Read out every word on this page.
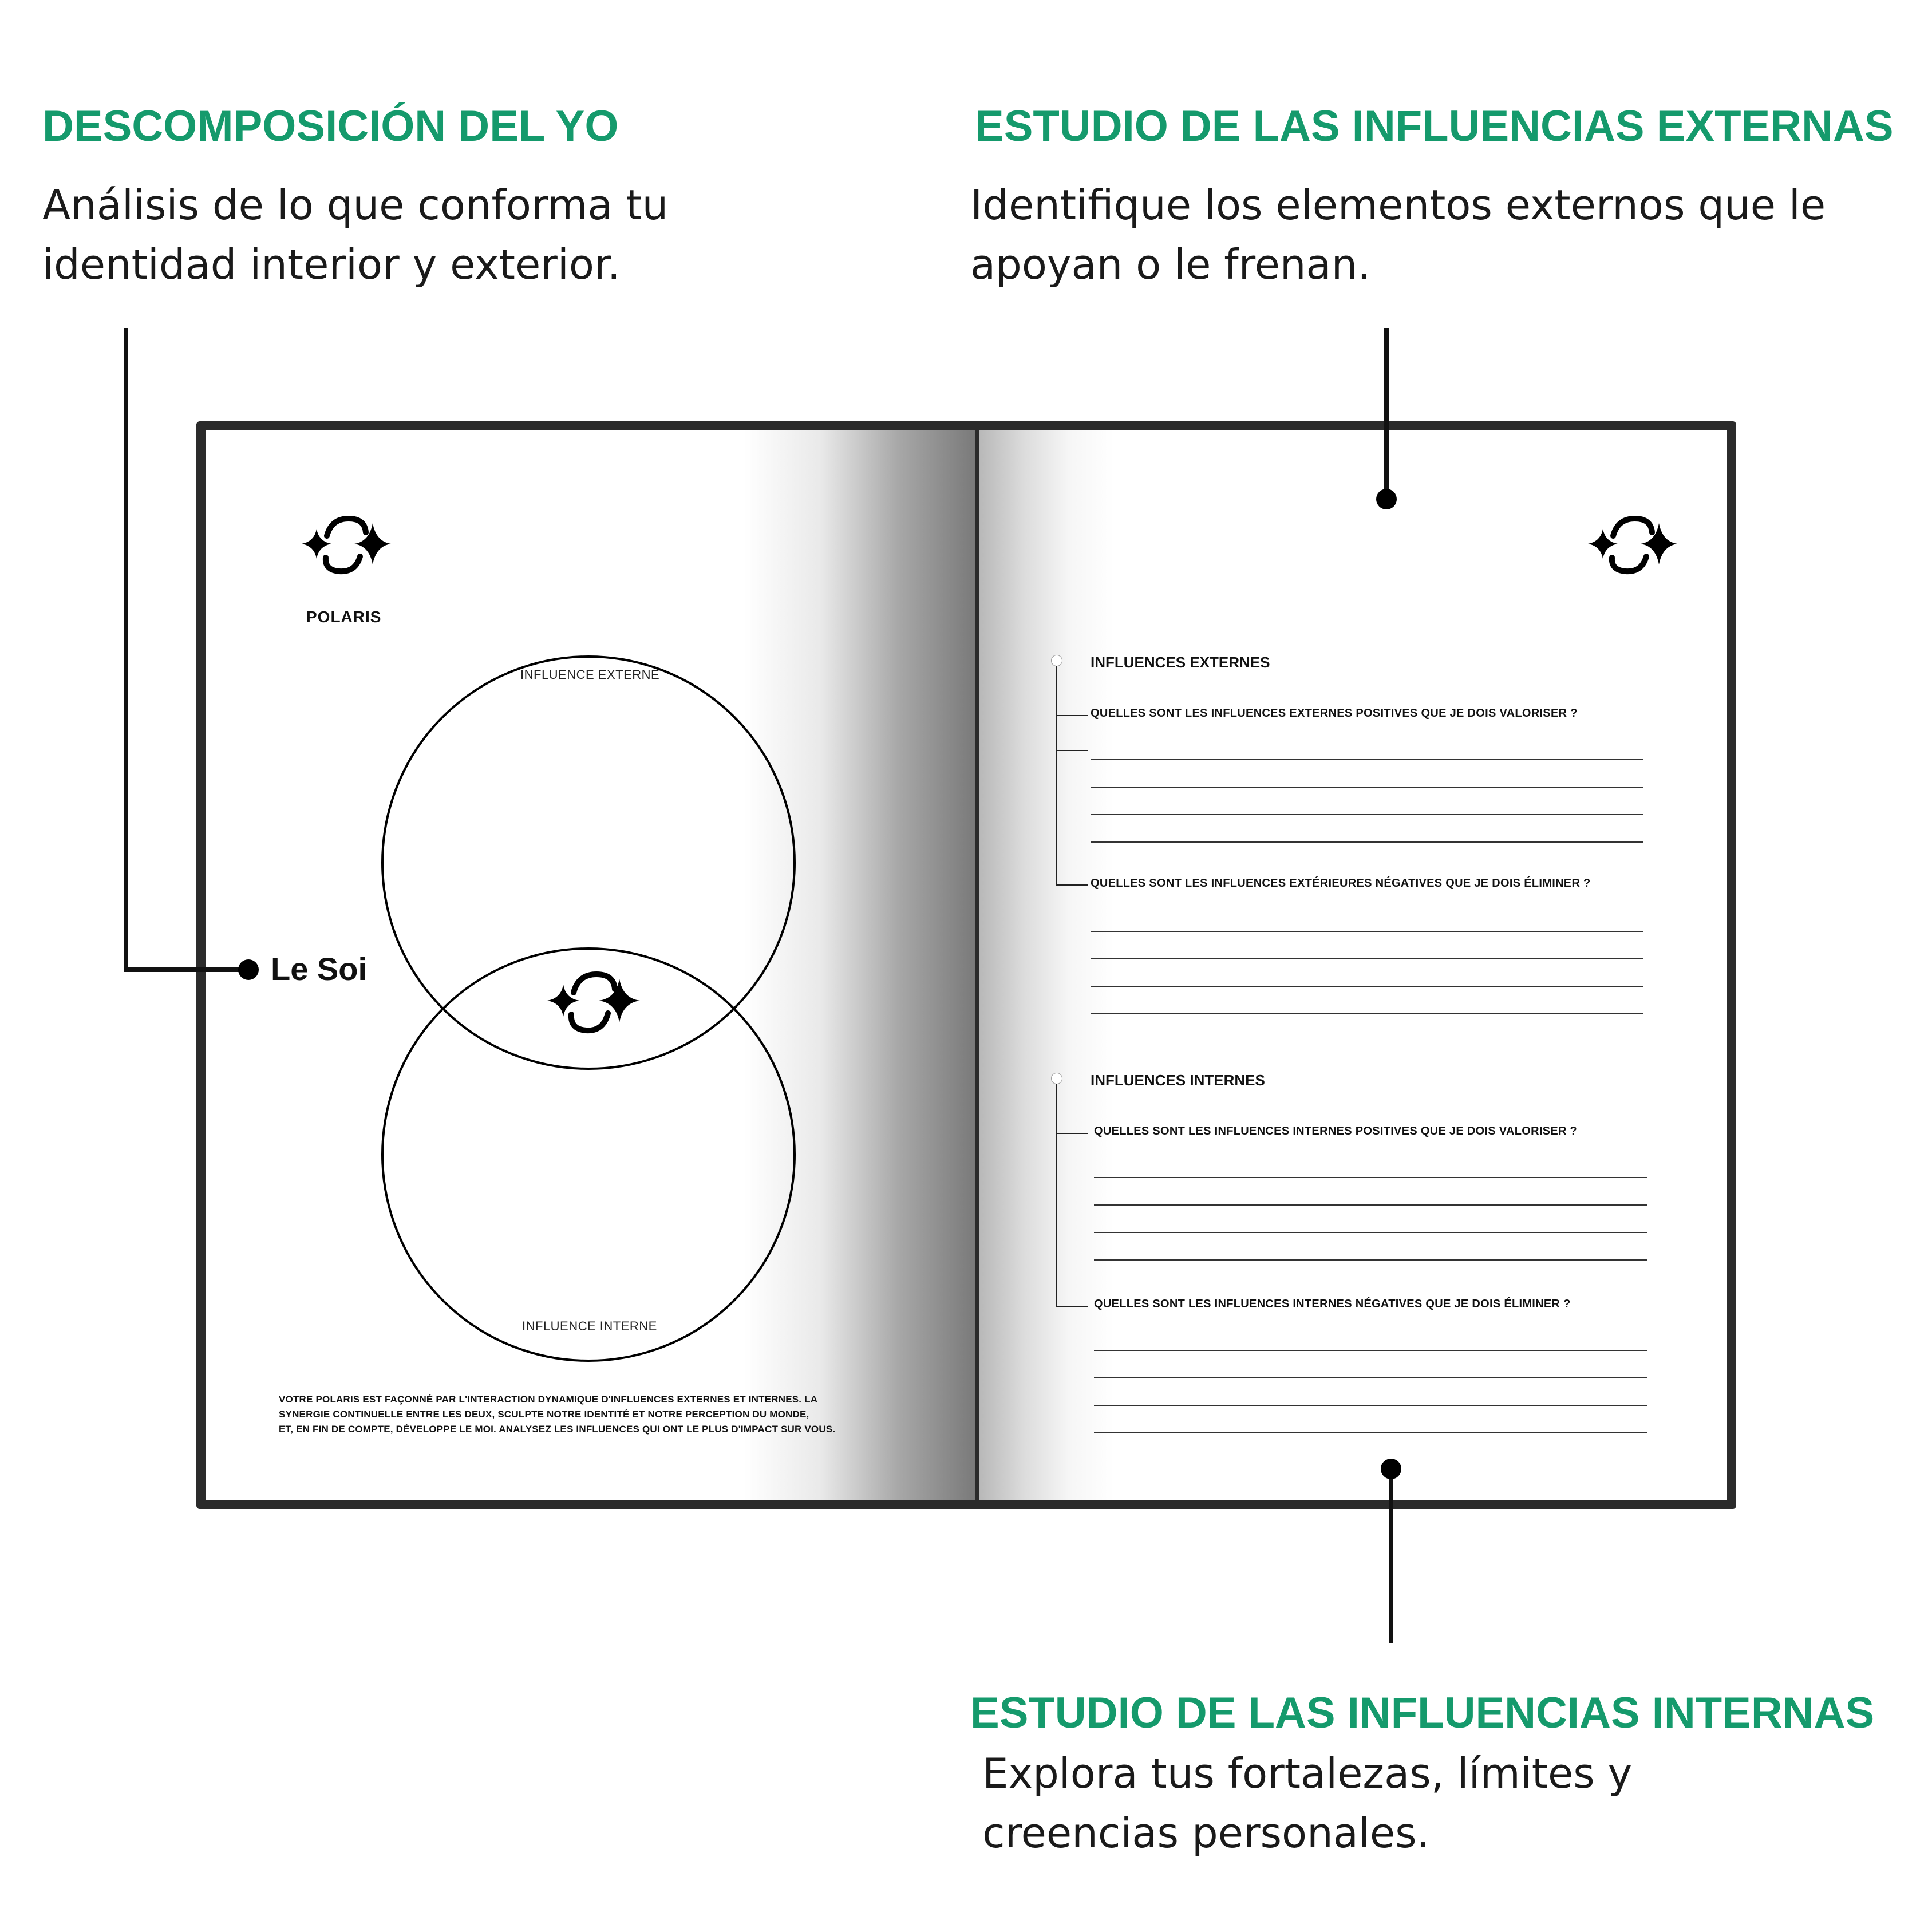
DESCOMPOSICIÓN DEL YO

Análisis de lo que conforma tu
identidad interior y exterior.

ESTUDIO DE LAS INFLUENCIAS EXTERNAS

Identifique los elementos externos que le
apoyan o le frenan.

ESTUDIO DE LAS INFLUENCIAS INTERNAS

Explora tus fortalezas, límites y
creencias personales.

POLARIS
INFLUENCE EXTERNE
INFLUENCE INTERNE

VOTRE POLARIS EST FAÇONNÉ PAR L'INTERACTION DYNAMIQUE D'INFLUENCES EXTERNES ET INTERNES. LA
SYNERGIE CONTINUELLE ENTRE LES DEUX, SCULPTE NOTRE IDENTITÉ ET NOTRE PERCEPTION DU MONDE,
ET, EN FIN DE COMPTE, DÉVELOPPE LE MOI. ANALYSEZ LES INFLUENCES QUI ONT LE PLUS D'IMPACT SUR VOUS.

INFLUENCES EXTERNES
QUELLES SONT LES INFLUENCES EXTERNES POSITIVES QUE JE DOIS VALORISER ?
QUELLES SONT LES INFLUENCES EXTÉRIEURES NÉGATIVES QUE JE DOIS ÉLIMINER ?
INFLUENCES INTERNES
QUELLES SONT LES INFLUENCES INTERNES POSITIVES QUE JE DOIS VALORISER ?
QUELLES SONT LES INFLUENCES INTERNES NÉGATIVES QUE JE DOIS ÉLIMINER ?
Le Soi
